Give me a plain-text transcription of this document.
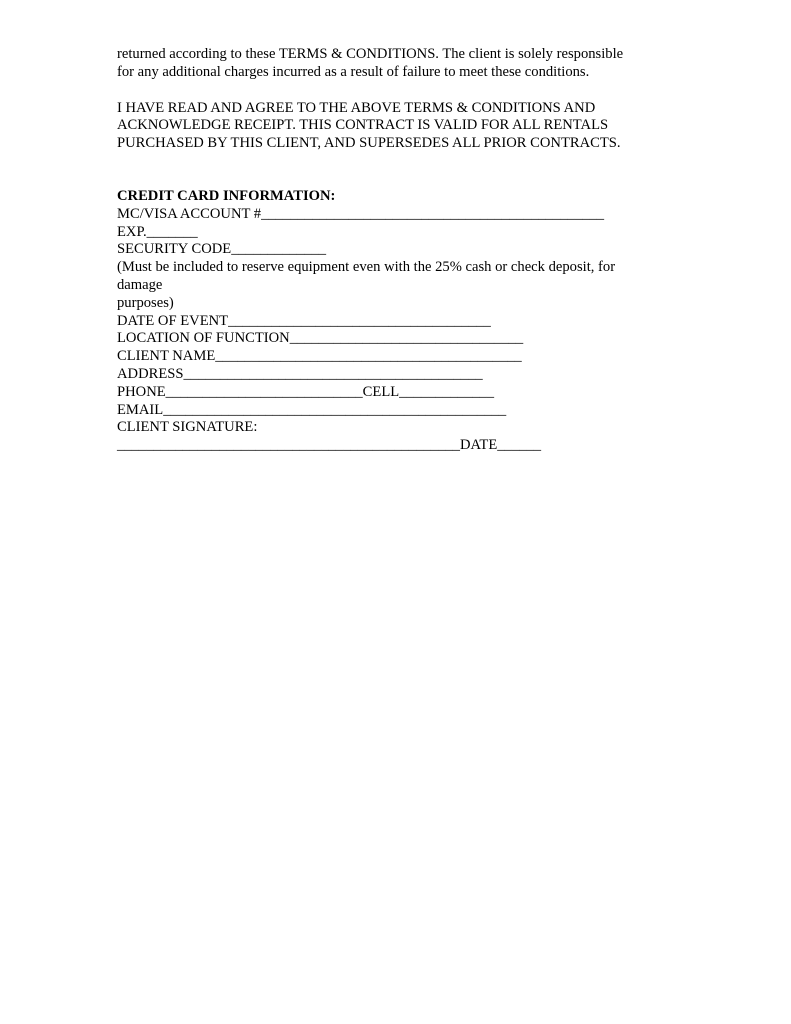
returned according to these TERMS & CONDITIONS. The client is solely responsible

for any additional charges incurred as a result of failure to meet these conditions.

I HAVE READ AND AGREE TO THE ABOVE TERMS & CONDITIONS AND

ACKNOWLEDGE RECEIPT. THIS CONTRACT IS VALID FOR ALL RENTALS

PURCHASED BY THIS CLIENT, AND SUPERSEDES ALL PRIOR CONTRACTS.

CREDIT CARD INFORMATION:

MC/VISA ACCOUNT #_______________________________________________

EXP._______

SECURITY CODE_____________

(Must be included to reserve equipment even with the 25% cash or check deposit, for

damage

purposes)

DATE OF EVENT____________________________________

LOCATION OF FUNCTION________________________________

CLIENT NAME__________________________________________

ADDRESS_________________________________________

PHONE___________________________CELL_____________

EMAIL_______________________________________________

CLIENT SIGNATURE:

_______________________________________________DATE______
